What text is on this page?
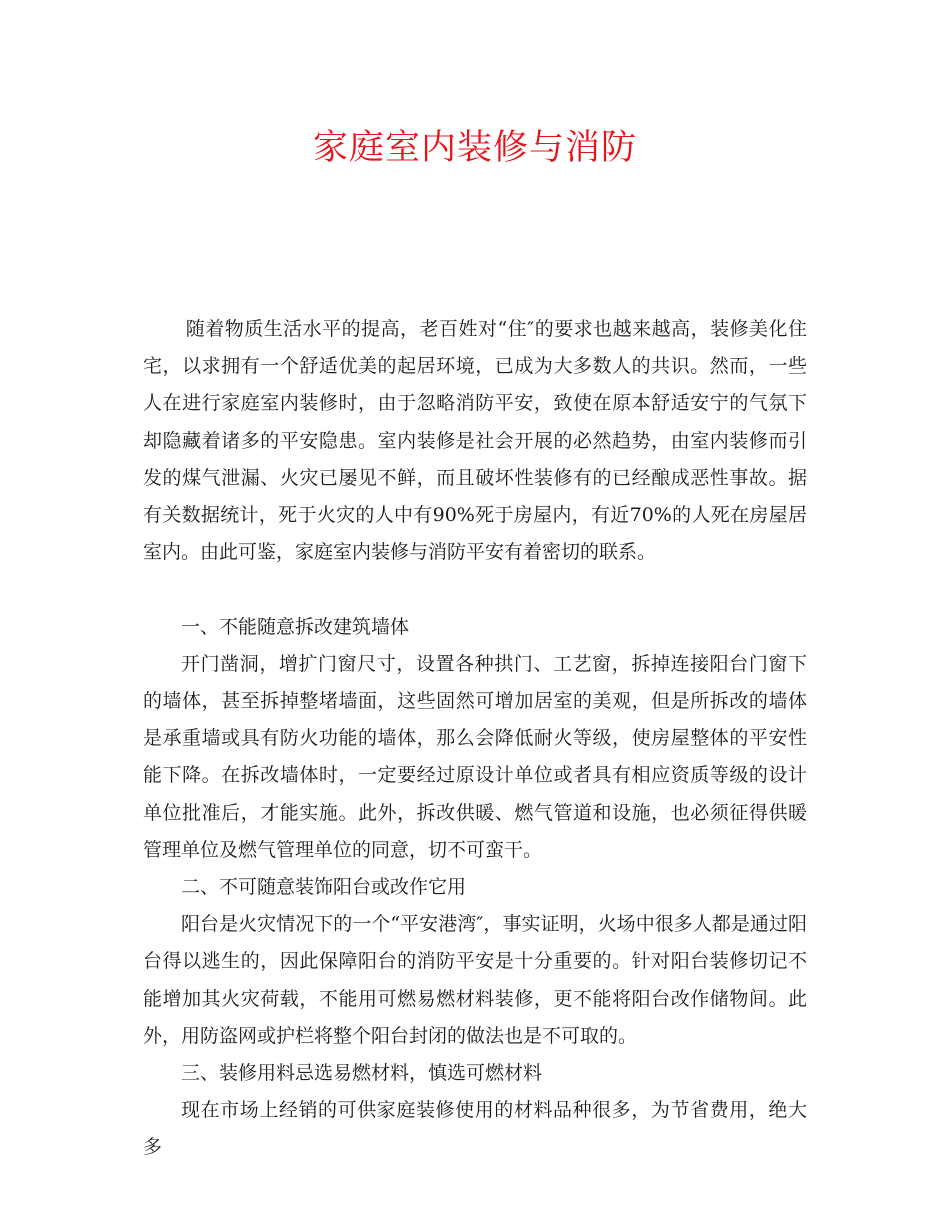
家庭室内装修与消防

随着物质生活水平的提高，老百姓对“住″的要求也越来越高，装修美化住宅，以求拥有一个舒适优美的起居环境，已成为大多数人的共识。然而，一些人在进行家庭室内装修时，由于忽略消防平安，致使在原本舒适安宁的气氛下却隐藏着诸多的平安隐患。室内装修是社会开展的必然趋势，由室内装修而引发的煤气泄漏、火灾已屡见不鲜，而且破坏性装修有的已经酿成恶性事故。据有关数据统计，死于火灾的人中有90%死于房屋内，有近70%的人死在房屋居室内。由此可鉴，家庭室内装修与消防平安有着密切的联系。

一、不能随意拆改建筑墙体

开门凿洞，增扩门窗尺寸，设置各种拱门、工艺窗，拆掉连接阳台门窗下的墙体，甚至拆掉整堵墙面，这些固然可增加居室的美观，但是所拆改的墙体是承重墙或具有防火功能的墙体，那么会降低耐火等级，使房屋整体的平安性能下降。在拆改墙体时，一定要经过原设计单位或者具有相应资质等级的设计单位批准后，才能实施。此外，拆改供暖、燃气管道和设施，也必须征得供暖管理单位及燃气管理单位的同意，切不可蛮干。

二、不可随意装饰阳台或改作它用

阳台是火灾情况下的一个“平安港湾″，事实证明，火场中很多人都是通过阳台得以逃生的，因此保障阳台的消防平安是十分重要的。针对阳台装修切记不能增加其火灾荷载，不能用可燃易燃材料装修，更不能将阳台改作储物间。此外，用防盗网或护栏将整个阳台封闭的做法也是不可取的。

三、装修用料忌选易燃材料，慎选可燃材料

现在市场上经销的可供家庭装修使用的材料品种很多，为节省费用，绝大多
